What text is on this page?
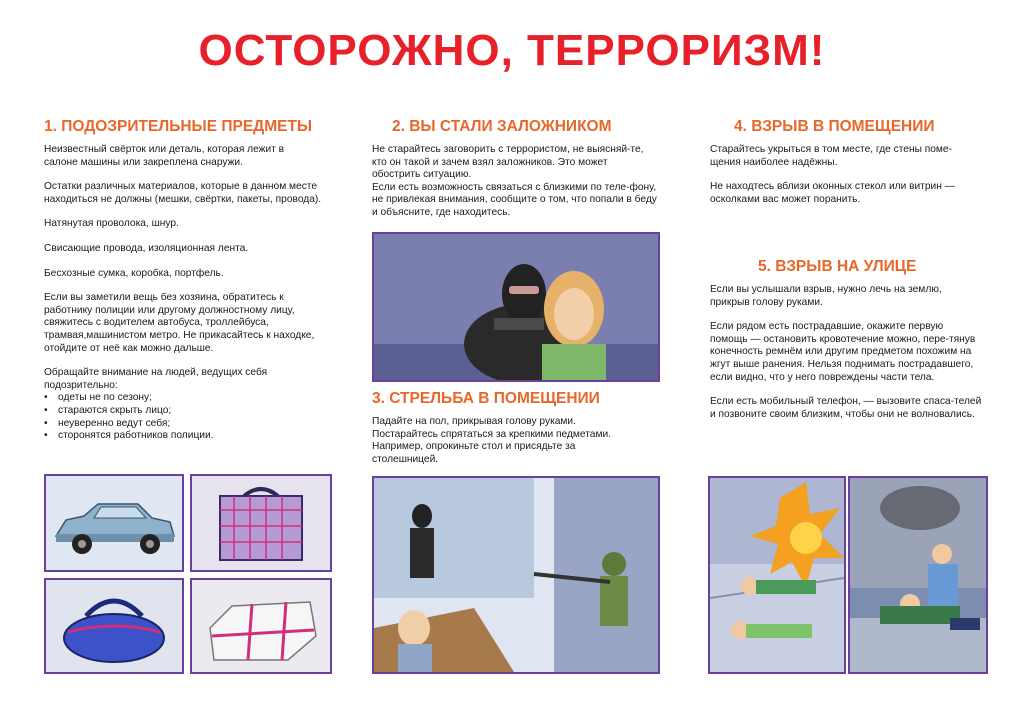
ОСТОРОЖНО, ТЕРРОРИЗМ!
1. ПОДОЗРИТЕЛЬНЫЕ ПРЕДМЕТЫ
Неизвестный свёрток или деталь, которая лежит в салоне машины или закреплена снаружи.
Остатки различных материалов, которые в данном месте находиться не должны (мешки, свёртки, пакеты, провода).
Натянутая проволока, шнур.
Свисающие провода, изоляционная лента.
Бесхозные сумка, коробка, портфель.
Если вы заметили вещь без хозяина, обратитесь к работнику полиции или другому должностному лицу, свяжитесь с водителем автобуса, троллейбуса, трамвая,машинистом метро. Не прикасайтесь к находке, отойдите от неё как можно дальше.
Обращайте внимание на людей, ведущих себя подозрительно:
• одеты не по сезону;
• стараются скрыть лицо;
• неуверенно ведут себя;
• сторонятся работников полиции.
2. ВЫ СТАЛИ ЗАЛОЖНИКОМ
Не старайтесь заговорить с террористом, не выясняй-те, кто он такой и зачем взял заложников. Это может обострить ситуацию.
Если есть возможность связаться с близкими по теле-фону, не привлекая внимания, сообщите о том, что попали в беду и объясните, где находитесь.
3. СТРЕЛЬБА В ПОМЕЩЕНИИ
Падайте на пол, прикрывая голову руками. Постарайтесь спрятаться за крепкими педметами. Например, опрокиньте стол и присядьте за столешницей.
4. ВЗРЫВ В ПОМЕЩЕНИИ
Старайтесь укрыться в том месте, где стены поме-щения наиболее надёжны.
Не находтесь вблизи оконных стекол или витрин — осколками вас может поранить.
5. ВЗРЫВ НА УЛИЦЕ
Если вы услышали взрыв, нужно лечь на землю, прикрыв голову руками.
Если рядом есть пострадавшие, окажите первую помощь — остановить кровотечение можно, пере-тянув конечность ремнём или другим предметом похожим на жгут выше ранения. Нельзя поднимать пострадавшего, если видно, что у него повреждены части тела.
Если есть мобильный телефон, — вызовите спаса-телей и позвоните своим близким, чтобы они не волновались.
